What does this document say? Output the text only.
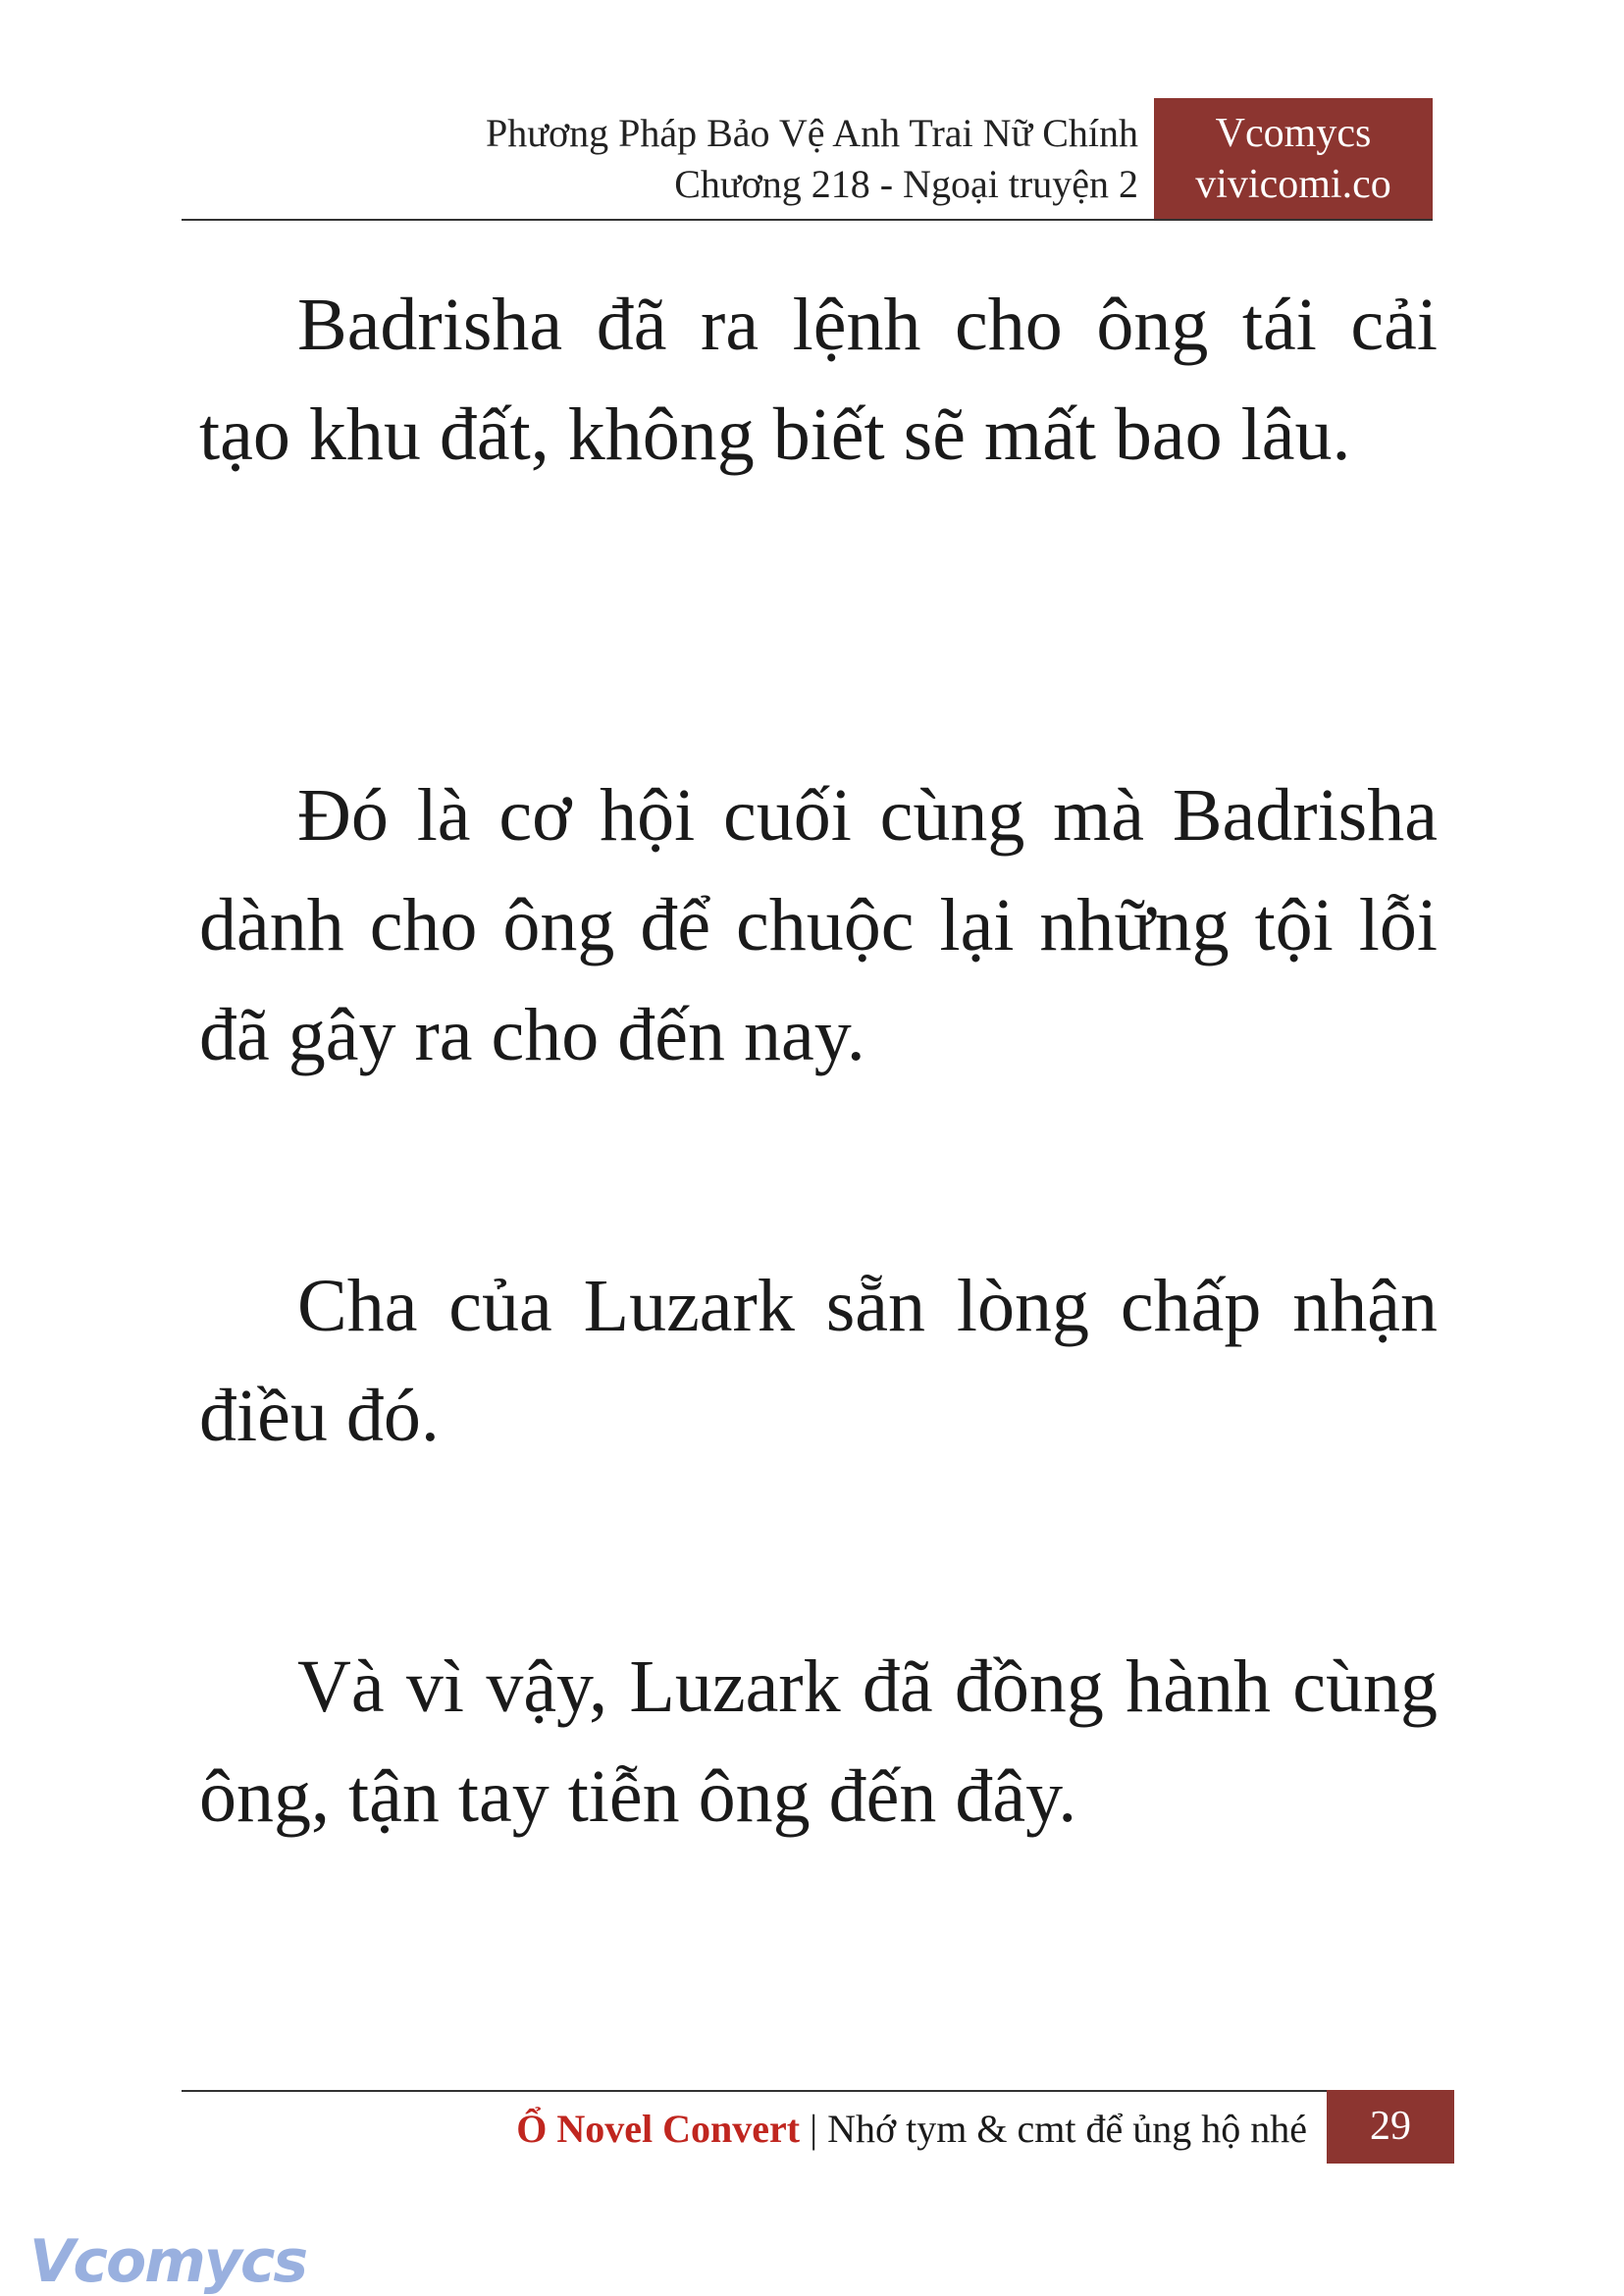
Phương Pháp Bảo Vệ Anh Trai Nữ Chính
Chương 218 - Ngoại truyện 2
Vcomycs
vivicomi.co

Badrisha đã ra lệnh cho ông tái cải tạo khu đất, không biết sẽ mất bao lâu.

Đó là cơ hội cuối cùng mà Badrisha dành cho ông để chuộc lại những tội lỗi đã gây ra cho đến nay.

Cha của Luzark sẵn lòng chấp nhận điều đó.

Và vì vậy, Luzark đã đồng hành cùng ông, tận tay tiễn ông đến đây.

Ổ Novel Convert | Nhớ tym & cmt để ủng hộ nhé	29
Vcomycs
